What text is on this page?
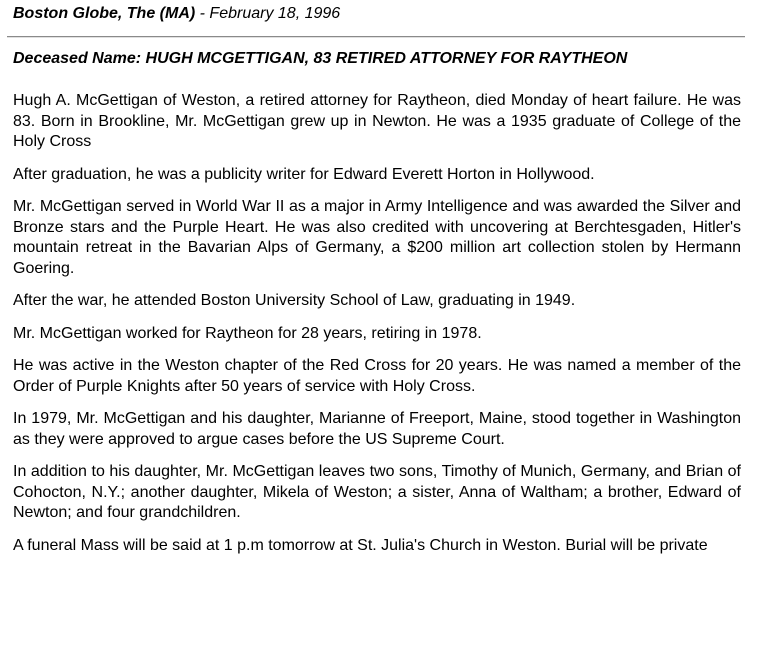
Boston Globe, The (MA) - February 18, 1996
Deceased Name: HUGH MCGETTIGAN, 83 RETIRED ATTORNEY FOR RAYTHEON

Hugh A. McGettigan of Weston, a retired attorney for Raytheon, died Monday of heart failure. He was 83. Born in Brookline, Mr. McGettigan grew up in Newton. He was a 1935 graduate of College of the Holy Cross

After graduation, he was a publicity writer for Edward Everett Horton in Hollywood.

Mr. McGettigan served in World War II as a major in Army Intelligence and was awarded the Silver and Bronze stars and the Purple Heart. He was also credited with uncovering at Berchtesgaden, Hitler's mountain retreat in the Bavarian Alps of Germany, a $200 million art collection stolen by Hermann Goering.

After the war, he attended Boston University School of Law, graduating in 1949.

Mr. McGettigan worked for Raytheon for 28 years, retiring in 1978.

He was active in the Weston chapter of the Red Cross for 20 years. He was named a member of the Order of Purple Knights after 50 years of service with Holy Cross.

In 1979, Mr. McGettigan and his daughter, Marianne of Freeport, Maine, stood together in Washington as they were approved to argue cases before the US Supreme Court.

In addition to his daughter, Mr. McGettigan leaves two sons, Timothy of Munich, Germany, and Brian of Cohocton, N.Y.; another daughter, Mikela of Weston; a sister, Anna of Waltham; a brother, Edward of Newton; and four grandchildren.

A funeral Mass will be said at 1 p.m tomorrow at St. Julia's Church in Weston. Burial will be private
